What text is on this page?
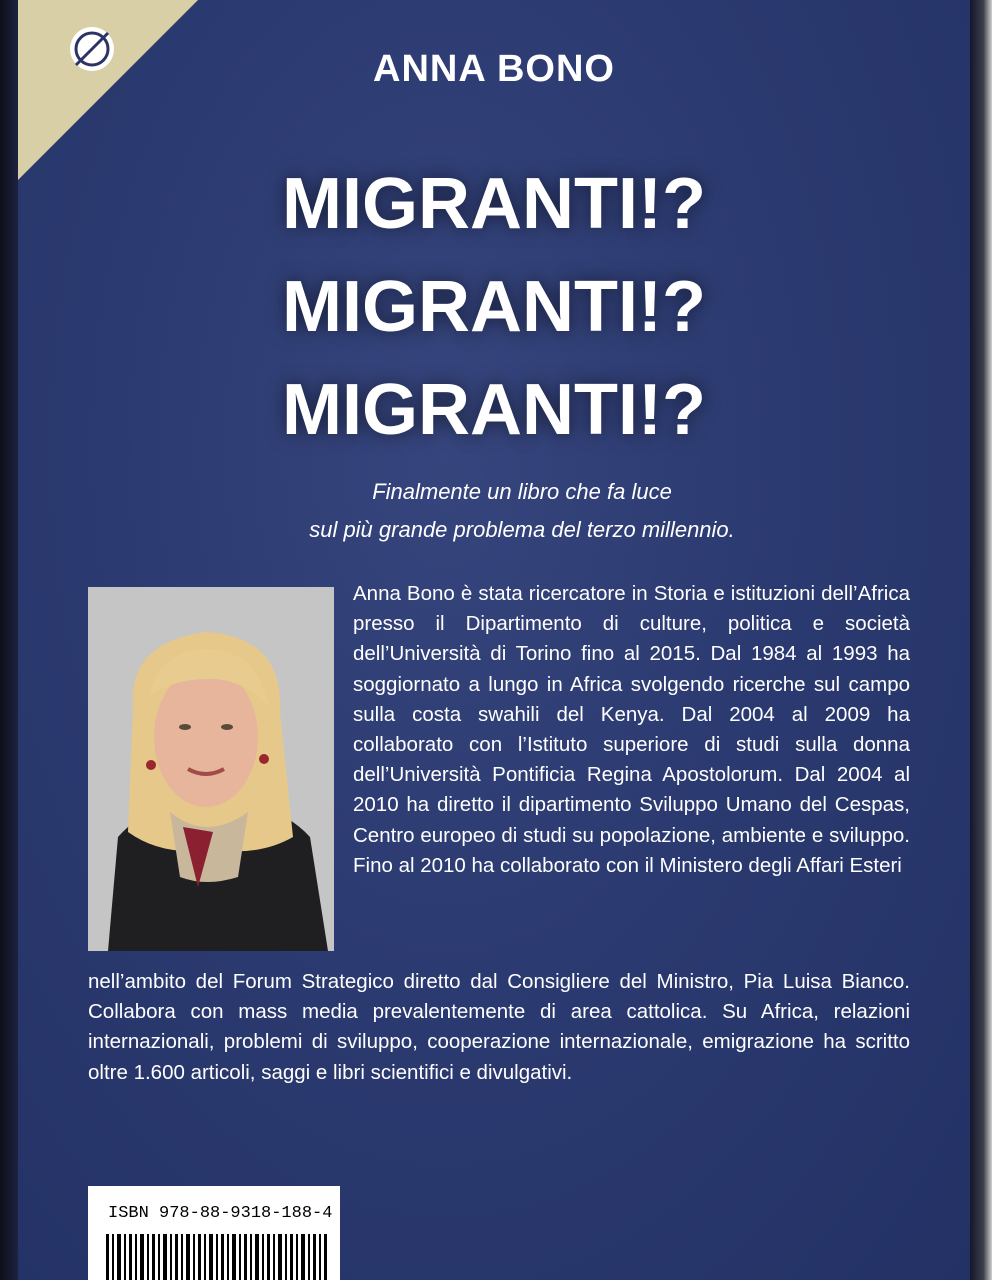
ANNA BONO
MIGRANTI!?
MIGRANTI!?
MIGRANTI!?
Finalmente un libro che fa luce
sul più grande problema del terzo millennio.

Anna Bono è stata ricercatore in Storia e istituzioni dell’Africa presso il Dipartimento di culture, politica e società dell’Università di Torino fino al 2015. Dal 1984 al 1993 ha soggiornato a lungo in Africa svolgendo ricerche sul campo sulla costa swahili del Kenya. Dal 2004 al 2009 ha collaborato con l’Istituto superiore di studi sulla donna dell’Università Pontificia Regina Apostolorum. Dal 2004 al 2010 ha diretto il dipartimento Sviluppo Umano del Cespas, Centro europeo di studi su popolazione, ambiente e sviluppo. Fino al 2010 ha collaborato con il Ministero degli Affari Esteri

nell’ambito del Forum Strategico diretto dal Consigliere del Ministro, Pia Luisa Bianco. Collabora con mass media prevalentemente di area cattolica. Su Africa, relazioni internazionali, problemi di sviluppo, cooperazione internazionale, emigrazione ha scritto oltre 1.600 articoli, saggi e libri scientifici e divulgativi.

ISBN 978-88-9318-188-4
